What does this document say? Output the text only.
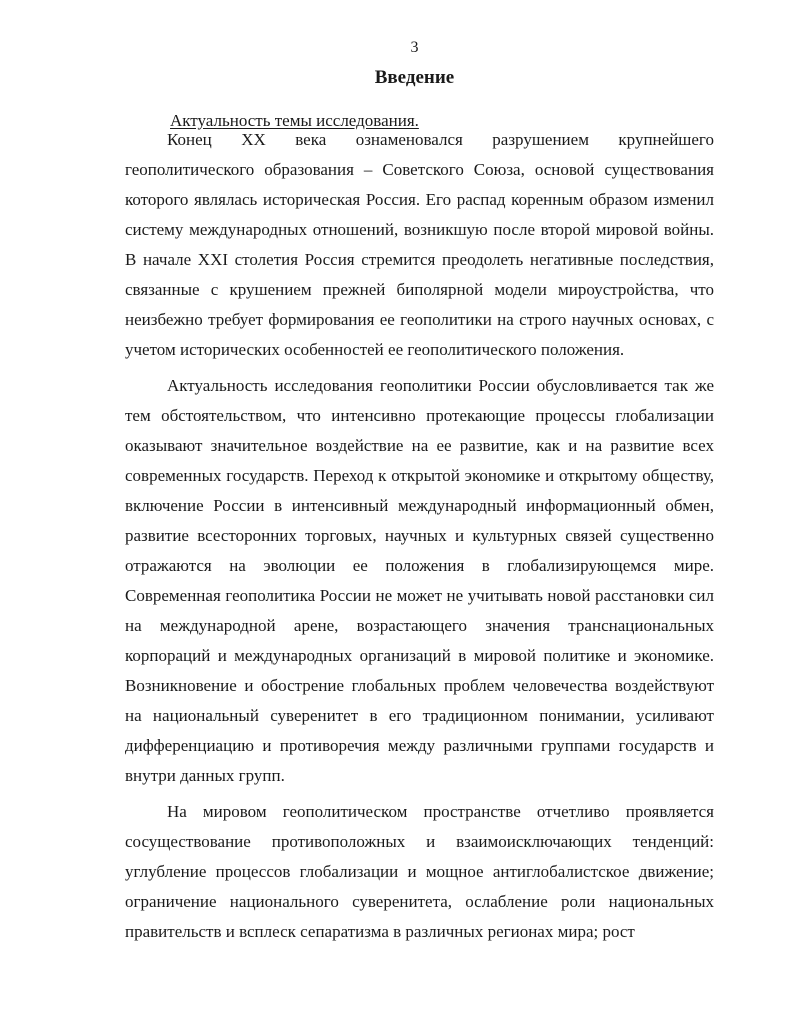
3
Введение

Актуальность темы исследования.

Конец XX века ознаменовался разрушением крупнейшего геополитического образования – Советского Союза, основой существования которого являлась историческая Россия. Его распад коренным образом изменил систему международных отношений, возникшую после второй мировой войны. В начале XXI столетия Россия стремится преодолеть негативные последствия, связанные с крушением прежней биполярной модели мироустройства, что неизбежно требует формирования ее геополитики на строго научных основах, с учетом исторических особенностей ее геополитического положения.

Актуальность исследования геополитики России обусловливается так же тем обстоятельством, что интенсивно протекающие процессы глобализации оказывают значительное воздействие на ее развитие, как и на развитие всех современных государств. Переход к открытой экономике и открытому обществу, включение России в интенсивный международный информационный обмен, развитие всесторонних торговых, научных и культурных связей существенно отражаются на эволюции ее положения в глобализирующемся мире. Современная геополитика России не может не учитывать новой расстановки сил на международной арене, возрастающего значения транснациональных корпораций и международных организаций в мировой политике и экономике. Возникновение и обострение глобальных проблем человечества воздействуют на национальный суверенитет в его традиционном понимании, усиливают дифференциацию и противоречия между различными группами государств и внутри данных групп.

На мировом геополитическом пространстве отчетливо проявляется сосуществование противоположных и взаимоисключающих тенденций: углубление процессов глобализации и мощное антиглобалистское движение; ограничение национального суверенитета, ослабление роли национальных правительств и всплеск сепаратизма в различных регионах мира; рост
